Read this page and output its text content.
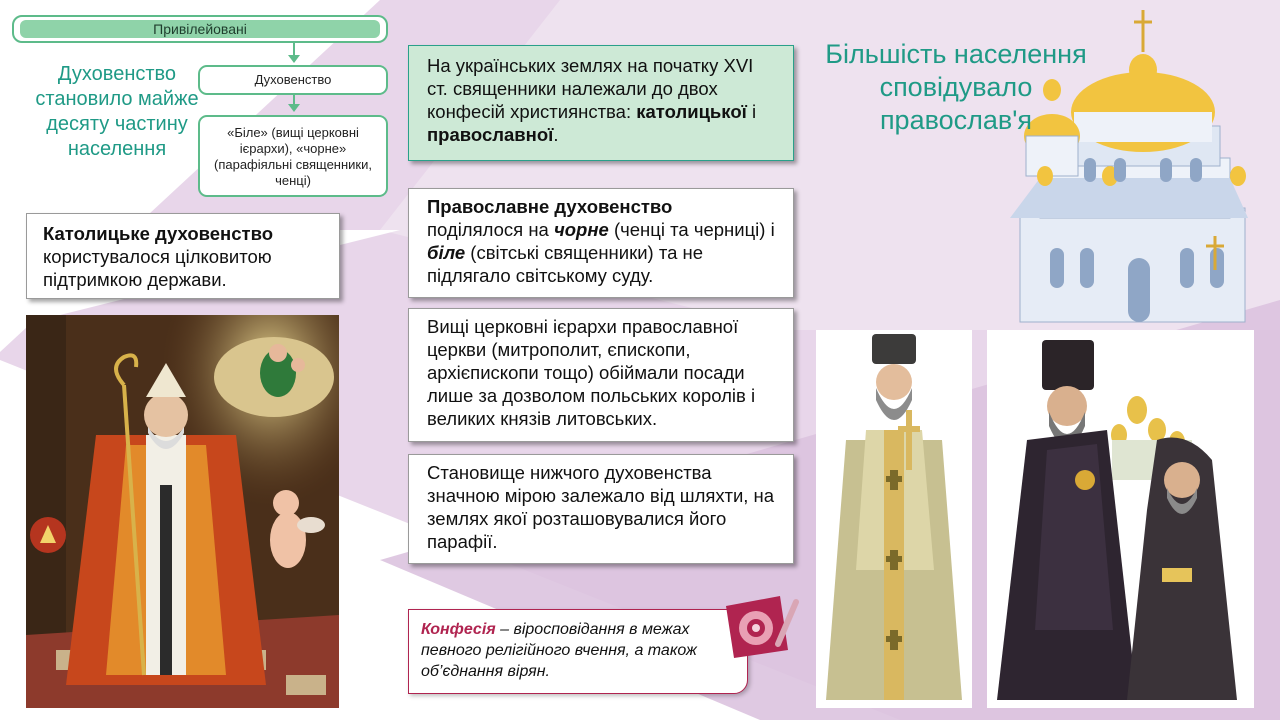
Привілейовані
Духовенство
«Біле» (вищі церковні ієрархи), «чорне» (парафіяльні священники, ченці)
Духовенство становило майже десяту частину населення
Католицьке духовенство користувалося цілковитою підтримкою держави.
На українських землях на початку XVI ст. священники належали до двох конфесій християнства: католицької і православної.
Православне духовенство
поділялося на чорне (ченці та черниці) і біле (світські священники) та не підлягало світському суду.
Вищі церковні ієрархи православної церкви (митрополит, єпископи, архієпископи тощо) обіймали посади лише за дозволом польських королів і великих князів литовських.
Становище нижчого духовенства значною мірою залежало від шляхти, на землях якої розташовувалися його парафії.
Конфесія – віросповідання в межах певного релігійного вчення, а також об’єднання вірян.
Більшість населення сповідувало православ'я
